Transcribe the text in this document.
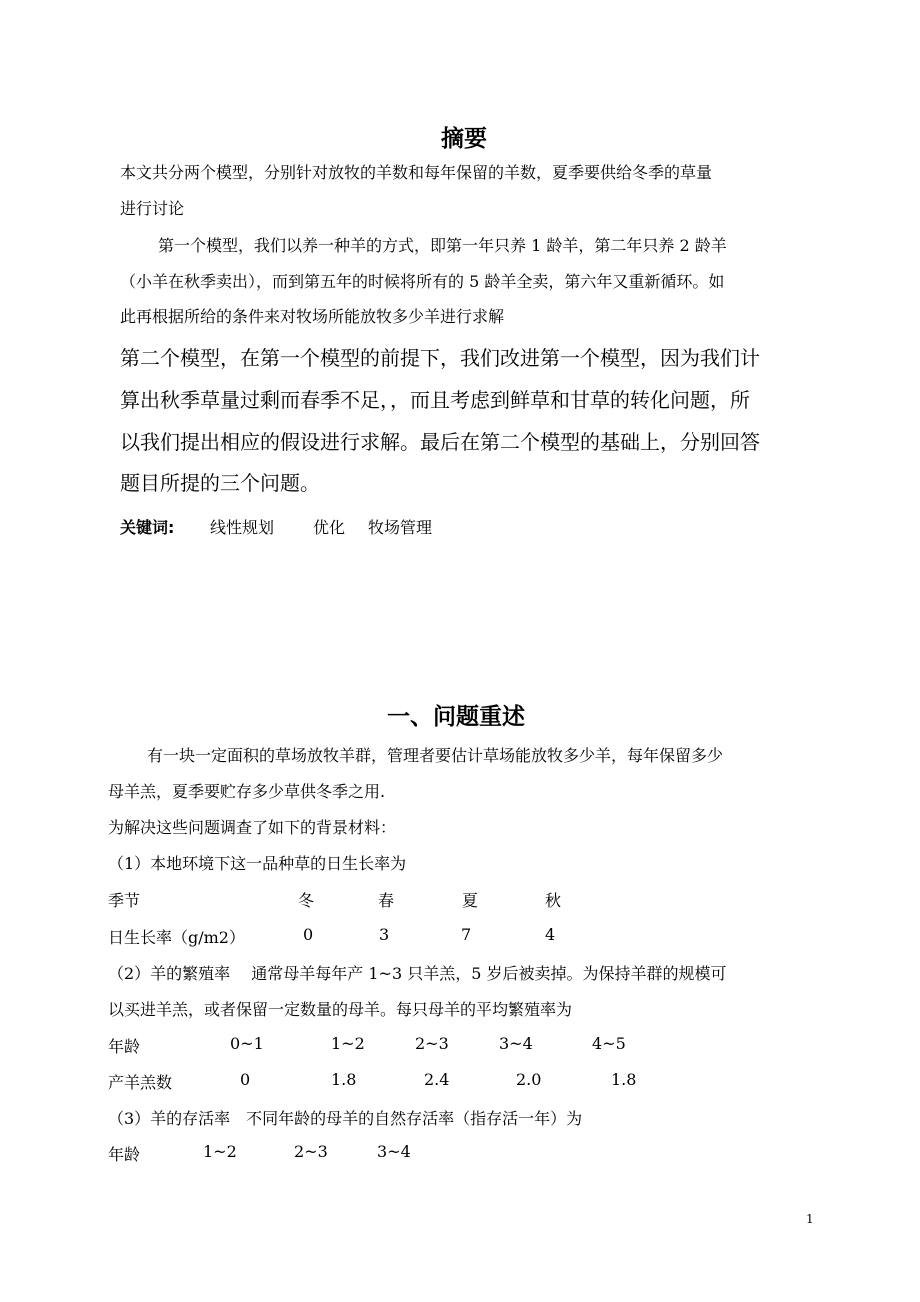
摘要
本文共分两个模型，分别针对放牧的羊数和每年保留的羊数，夏季要供给冬季的草量
进行讨论
第一个模型，我们以养一种羊的方式，即第一年只养 1 龄羊，第二年只养 2 龄羊
（小羊在秋季卖出），而到第五年的时候将所有的 5 龄羊全卖，第六年又重新循环。如
此再根据所给的条件来对牧场所能放牧多少羊进行求解
第二个模型，在第一个模型的前提下，我们改进第一个模型，因为我们计
算出秋季草量过剩而春季不足，，而且考虑到鲜草和甘草的转化问题，所
以我们提出相应的假设进行求解。最后在第二个模型的基础上，分别回答
题目所提的三个问题。
关键词: 线性规划 优化 牧场管理
一、问题重述
有一块一定面积的草场放牧羊群，管理者要估计草场能放牧多少羊，每年保留多少
母羊羔，夏季要贮存多少草供冬季之用.
为解决这些问题调查了如下的背景材料：
（1）本地环境下这一品种草的日生长率为
季节	冬	春	夏	秋
日生长率（g/m2）	0	3	7	4
（2）羊的繁殖率　 通常母羊每年产 1~3 只羊羔，5 岁后被卖掉。为保持羊群的规模可
以买进羊羔，或者保留一定数量的母羊。每只母羊的平均繁殖率为
年龄	0~1	1~2	2~3	3~4	4~5
产羊羔数	0	1.8	2.4	2.0	1.8
（3）羊的存活率　不同年龄的母羊的自然存活率（指存活一年）为
年龄	1~2	2~3	3~4
1
